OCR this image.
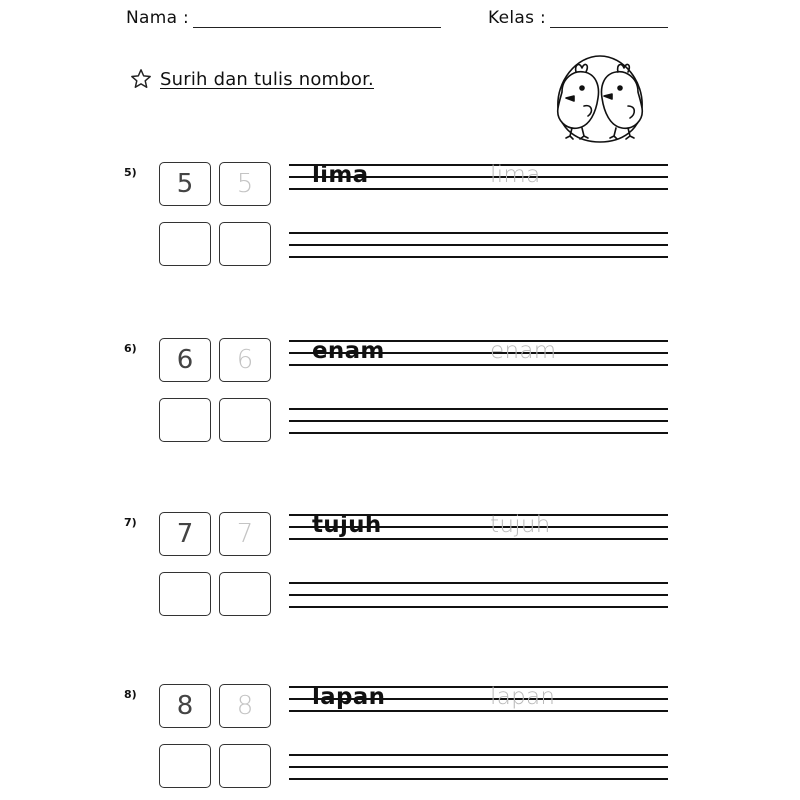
Nama :	Kelas :
Surih dan tulis nombor.
5)	5	5	lima	lima
6)	6	6	enam	enam
7)	7	7	tujuh	tujuh
8)	8	8	lapan	lapan
